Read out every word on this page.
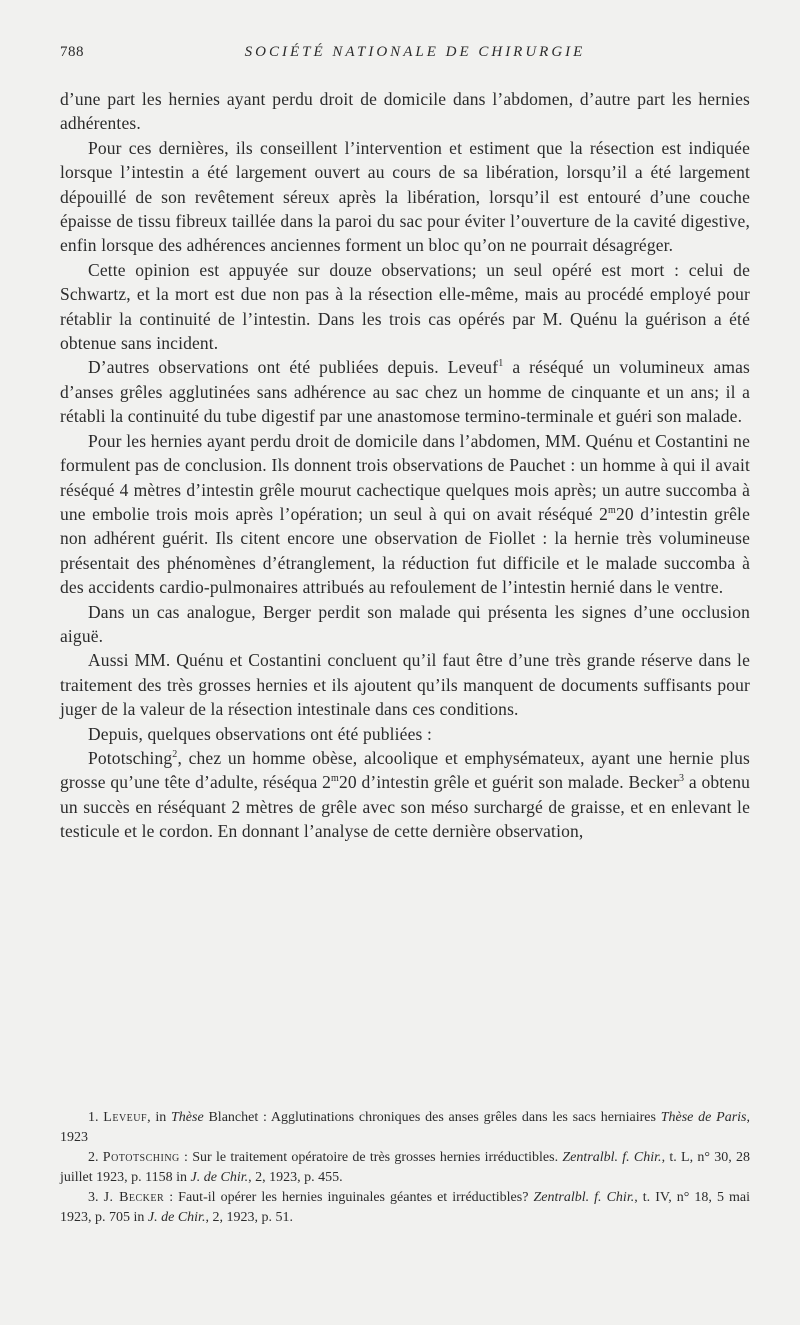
788	SOCIÉTÉ NATIONALE DE CHIRURGIE

d’une part les hernies ayant perdu droit de domicile dans l’abdomen, d’autre part les hernies adhérentes.

Pour ces dernières, ils conseillent l’intervention et estiment que la résection est indiquée lorsque l’intestin a été largement ouvert au cours de sa libération, lorsqu’il a été largement dépouillé de son revêtement séreux après la libération, lorsqu’il est entouré d’une couche épaisse de tissu fibreux taillée dans la paroi du sac pour éviter l’ouverture de la cavité digestive, enfin lorsque des adhérences anciennes forment un bloc qu’on ne pourrait désagréger.

Cette opinion est appuyée sur douze observations; un seul opéré est mort : celui de Schwartz, et la mort est due non pas à la résection elle-même, mais au procédé employé pour rétablir la continuité de l’intestin. Dans les trois cas opérés par M. Quénu la guérison a été obtenue sans incident.

D’autres observations ont été publiées depuis. Leveuf$^1$ a réséqué un volumineux amas d’anses grêles agglutinées sans adhérence au sac chez un homme de cinquante et un ans; il a rétabli la continuité du tube digestif par une anastomose termino-terminale et guéri son malade.

Pour les hernies ayant perdu droit de domicile dans l’abdomen, MM. Quénu et Costantini ne formulent pas de conclusion. Ils donnent trois observations de Pauchet : un homme à qui il avait réséqué 4 mètres d’intestin grêle mourut cachectique quelques mois après; un autre succomba à une embolie trois mois après l’opération; un seul à qui on avait réséqué 2$^m$20 d’intestin grêle non adhérent guérit. Ils citent encore une observation de Fiollet : la hernie très volumineuse présentait des phénomènes d’étranglement, la réduction fut difficile et le malade succomba à des accidents cardio-pulmonaires attribués au refoulement de l’intestin hernié dans le ventre.

Dans un cas analogue, Berger perdit son malade qui présenta les signes d’une occlusion aiguë.

Aussi MM. Quénu et Costantini concluent qu’il faut être d’une très grande réserve dans le traitement des très grosses hernies et ils ajoutent qu’ils manquent de documents suffisants pour juger de la valeur de la résection intestinale dans ces conditions.

Depuis, quelques observations ont été publiées :

Pototsching$^2$, chez un homme obèse, alcoolique et emphysémateux, ayant une hernie plus grosse qu’une tête d’adulte, réséqua 2$^m$20 d’intestin grêle et guérit son malade. Becker$^3$ a obtenu un succès en réséquant 2 mètres de grêle avec son méso surchargé de graisse, et en enlevant le testicule et le cordon. En donnant l’analyse de cette dernière observation,

1. Leveuf, in Thèse Blanchet : Agglutinations chroniques des anses grêles dans les sacs herniaires Thèse de Paris, 1923

2. Pototsching : Sur le traitement opératoire de très grosses hernies irréductibles. Zentralbl. f. Chir., t. L, n° 30, 28 juillet 1923, p. 1158 in J. de Chir., 2, 1923, p. 455.

3. J. Becker : Faut-il opérer les hernies inguinales géantes et irréductibles? Zentralbl. f. Chir., t. IV, n° 18, 5 mai 1923, p. 705 in J. de Chir., 2, 1923, p. 51.
